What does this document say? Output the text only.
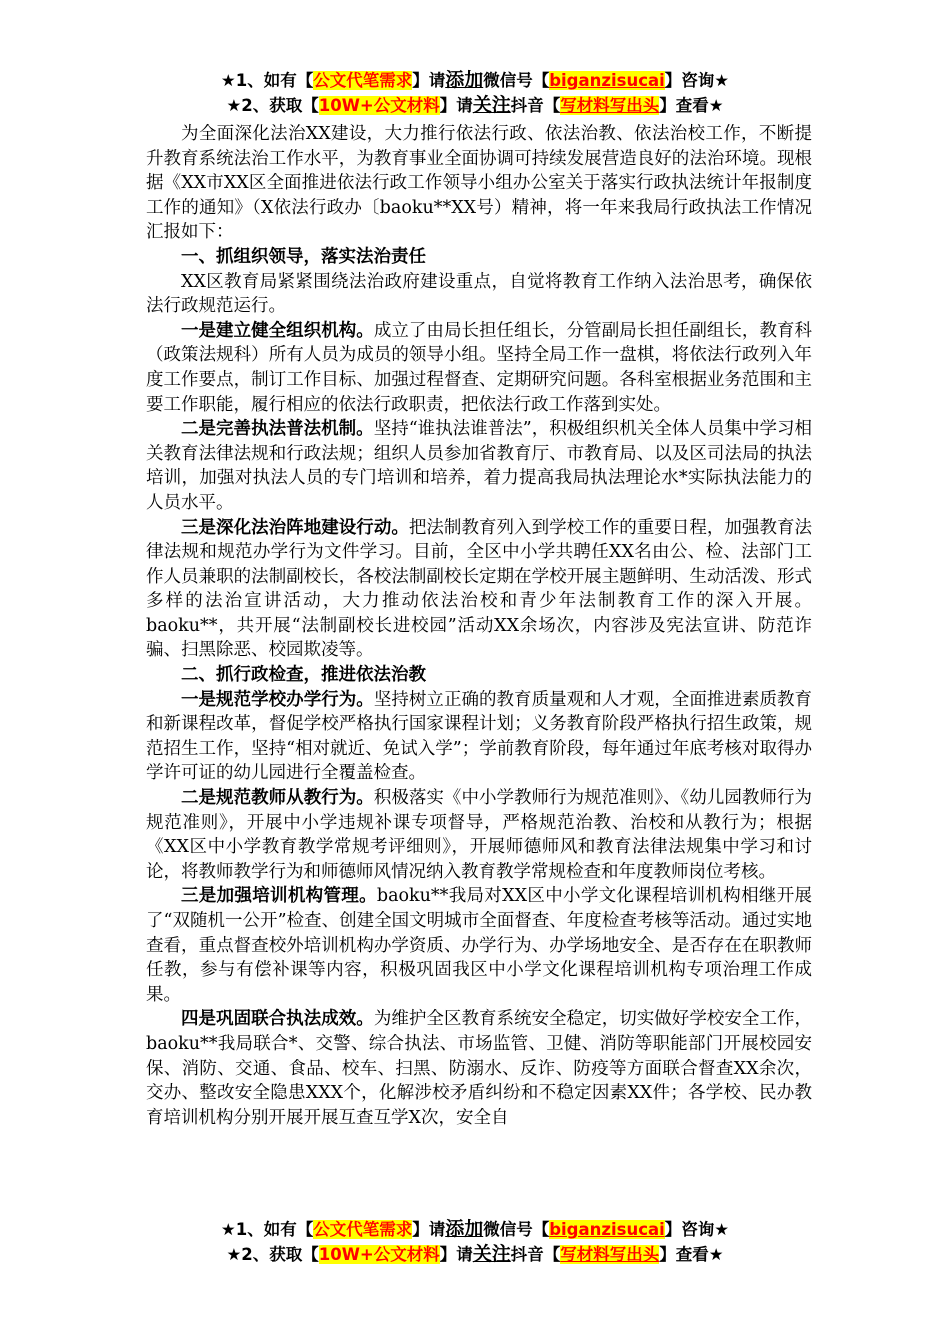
★1、如有【公文代笔需求】请添加微信号【biganzisucai】咨询★
★2、获取【10W+公文材料】请关注抖音【写材料写出头】查看★

为全面深化法治XX建设，大力推行依法行政、依法治教、依法治校工作，不断提升教育系统法治工作水平，为教育事业全面协调可持续发展营造良好的法治环境。现根据《XX市XX区全面推进依法行政工作领导小组办公室关于落实行政执法统计年报制度工作的通知》（X依法行政办〔baoku**XX号）精神，将一年来我局行政执法工作情况汇报如下：

一、抓组织领导，落实法治责任

XX区教育局紧紧围绕法治政府建设重点，自觉将教育工作纳入法治思考，确保依法行政规范运行。

一是建立健全组织机构。成立了由局长担任组长，分管副局长担任副组长，教育科（政策法规科）所有人员为成员的领导小组。坚持全局工作一盘棋，将依法行政列入年度工作要点，制订工作目标、加强过程督查、定期研究问题。各科室根据业务范围和主要工作职能，履行相应的依法行政职责，把依法行政工作落到实处。

二是完善执法普法机制。坚持“谁执法谁普法”，积极组织机关全体人员集中学习相关教育法律法规和行政法规；组织人员参加省教育厅、市教育局、以及区司法局的执法培训，加强对执法人员的专门培训和培养，着力提高我局执法理论水*实际执法能力的人员水平。

三是深化法治阵地建设行动。把法制教育列入到学校工作的重要日程，加强教育法律法规和规范办学行为文件学习。目前，全区中小学共聘任XX名由公、检、法部门工作人员兼职的法制副校长，各校法制副校长定期在学校开展主题鲜明、生动活泼、形式多样的法治宣讲活动，大力推动依法治校和青少年法制教育工作的深入开展。baoku**，共开展“法制副校长进校园”活动XX余场次，内容涉及宪法宣讲、防范诈骗、扫黑除恶、校园欺凌等。

二、抓行政检查，推进依法治教

一是规范学校办学行为。坚持树立正确的教育质量观和人才观，全面推进素质教育和新课程改革，督促学校严格执行国家课程计划；义务教育阶段严格执行招生政策，规范招生工作，坚持“相对就近、免试入学”；学前教育阶段，每年通过年底考核对取得办学许可证的幼儿园进行全覆盖检查。

二是规范教师从教行为。积极落实《中小学教师行为规范准则》、《幼儿园教师行为规范准则》，开展中小学违规补课专项督导，严格规范治教、治校和从教行为；根据《XX区中小学教育教学常规考评细则》，开展师德师风和教育法律法规集中学习和讨论，将教师教学行为和师德师风情况纳入教育教学常规检查和年度教师岗位考核。

三是加强培训机构管理。baoku**我局对XX区中小学文化课程培训机构相继开展了“双随机一公开”检查、创建全国文明城市全面督查、年度检查考核等活动。通过实地查看，重点督查校外培训机构办学资质、办学行为、办学场地安全、是否存在在职教师任教，参与有偿补课等内容，积极巩固我区中小学文化课程培训机构专项治理工作成果。

四是巩固联合执法成效。为维护全区教育系统安全稳定，切实做好学校安全工作，baoku**我局联合*、交警、综合执法、市场监管、卫健、消防等职能部门开展校园安保、消防、交通、食品、校车、扫黑、防溺水、反诈、防疫等方面联合督查XX余次，交办、整改安全隐患XXX个，化解涉校矛盾纠纷和不稳定因素XX件；各学校、民办教育培训机构分别开展开展互查互学X次，安全自

★1、如有【公文代笔需求】请添加微信号【biganzisucai】咨询★
★2、获取【10W+公文材料】请关注抖音【写材料写出头】查看★
